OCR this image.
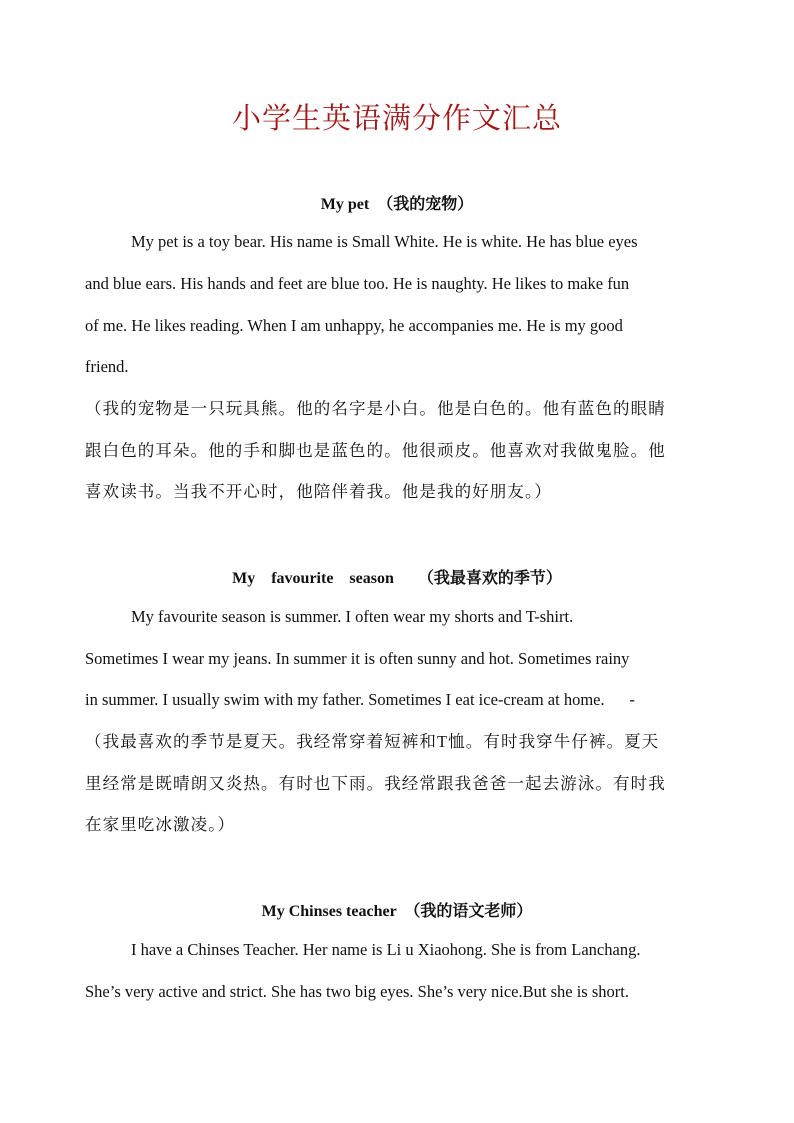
小学生英语满分作文汇总
My pet  （我的宠物）

My pet is a toy bear. His name is Small White. He is white. He has blue eyes

and blue ears. His hands and feet are blue too. He is naughty. He likes to make fun

of me. He likes reading. When I am unhappy, he accompanies me. He is my good

friend.

（我的宠物是一只玩具熊。他的名字是小白。他是白色的。他有蓝色的眼睛

跟白色的耳朵。他的手和脚也是蓝色的。他很顽皮。他喜欢对我做鬼脸。他

喜欢读书。当我不开心时，他陪伴着我。他是我的好朋友。）

My    favourite    season      （我最喜欢的季节）

My favourite season is summer. I often wear my shorts and T-shirt.

Sometimes I wear my jeans. In summer it is often sunny and hot. Sometimes rainy

in summer. I usually swim with my father. Sometimes I eat ice-cream at home.      -

（我最喜欢的季节是夏天。我经常穿着短裤和T恤。有时我穿牛仔裤。夏天

里经常是既晴朗又炎热。有时也下雨。我经常跟我爸爸一起去游泳。有时我

在家里吃冰激凌。）

My Chinses teacher  （我的语文老师）

I have a Chinses Teacher. Her name is Li u Xiaohong. She is from Lanchang.

She’s very active and strict. She has two big eyes. She’s very nice.But she is short.
